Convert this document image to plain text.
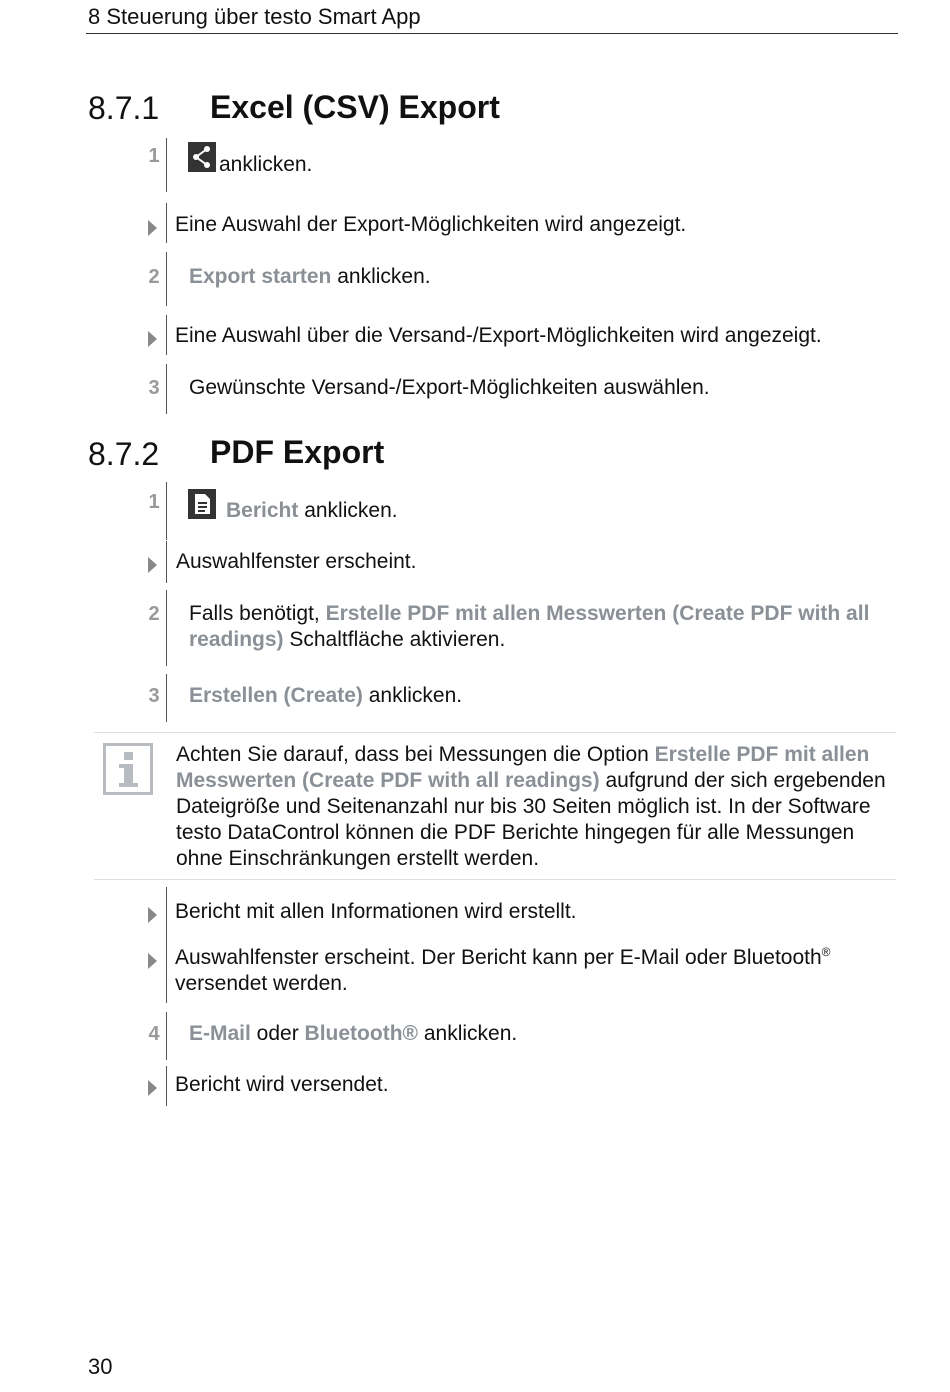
8 Steuerung über testo Smart App
8.7.1 Excel (CSV) Export
1	anklicken.
Eine Auswahl der Export-Möglichkeiten wird angezeigt.
2 Export starten anklicken.
Eine Auswahl über die Versand-/Export-Möglichkeiten wird angezeigt.
3 Gewünschte Versand-/Export-Möglichkeiten auswählen.
8.7.2 PDF Export
1	Bericht anklicken.
Auswahlfenster erscheint.
2 Falls benötigt, Erstelle PDF mit allen Messwerten (Create PDF with all readings) Schaltfläche aktivieren.
3 Erstellen (Create) anklicken.
Achten Sie darauf, dass bei Messungen die Option Erstelle PDF mit allen Messwerten (Create PDF with all readings) aufgrund der sich ergebenden Dateigröße und Seitenanzahl nur bis 30 Seiten möglich ist. In der Software testo DataControl können die PDF Berichte hingegen für alle Messungen ohne Einschränkungen erstellt werden.
Bericht mit allen Informationen wird erstellt.
Auswahlfenster erscheint. Der Bericht kann per E-Mail oder Bluetooth® versendet werden.
4 E-Mail oder Bluetooth® anklicken.
Bericht wird versendet.
30
